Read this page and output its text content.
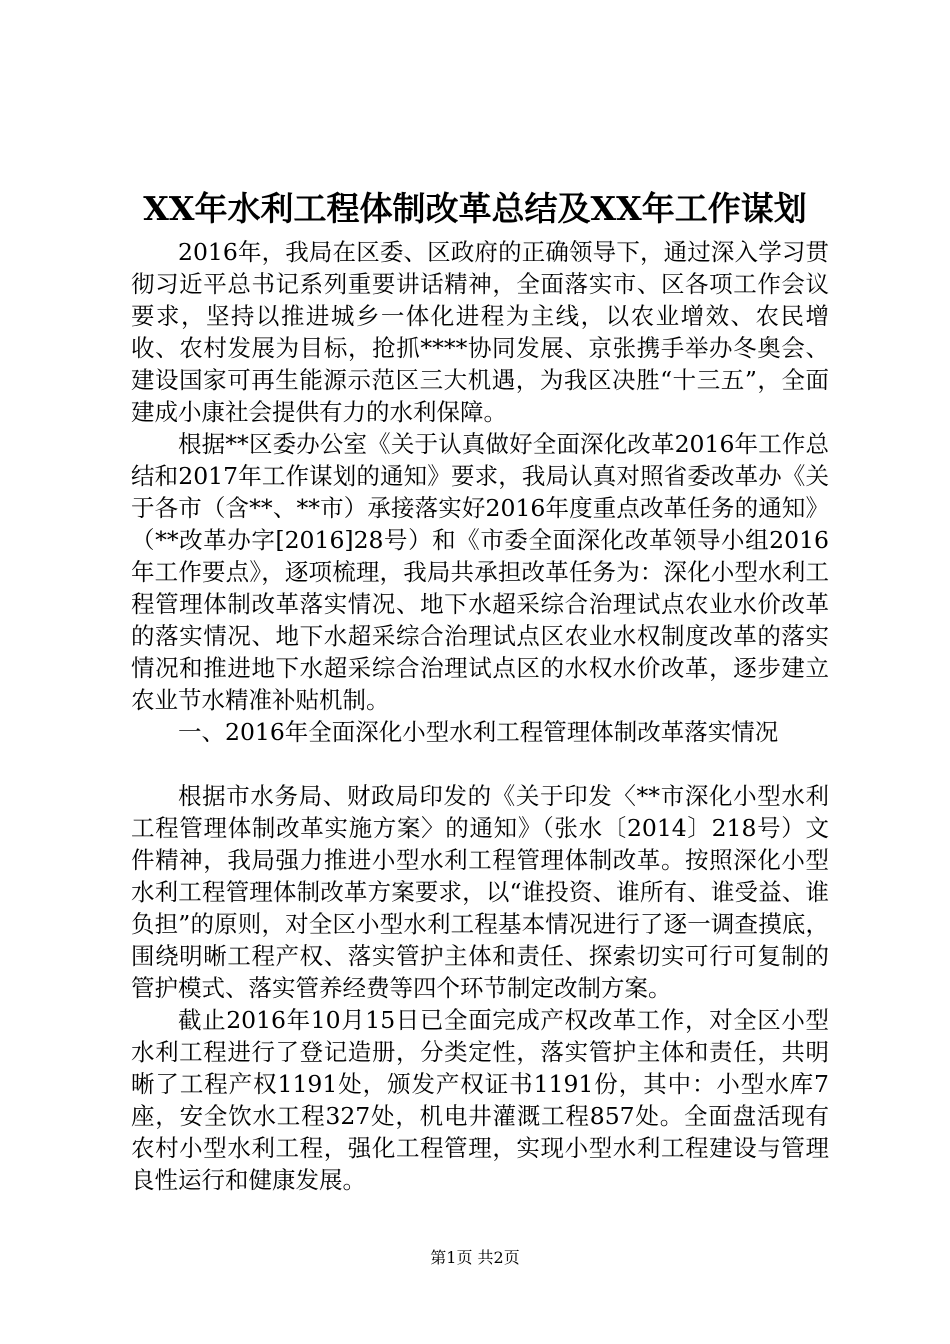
XX年水利工程体制改革总结及XX年工作谋划

2016年，我局在区委、区政府的正确领导下，通过深入学习贯彻习近平总书记系列重要讲话精神，全面落实市、区各项工作会议要求，坚持以推进城乡一体化进程为主线，以农业增效、农民增收、农村发展为目标，抢抓****协同发展、京张携手举办冬奥会、建设国家可再生能源示范区三大机遇，为我区决胜“十三五”，全面建成小康社会提供有力的水利保障。

根据**区委办公室《关于认真做好全面深化改革2016年工作总结和2017年工作谋划的通知》要求，我局认真对照省委改革办《关于各市（含**、**市）承接落实好2016年度重点改革任务的通知》（**改革办字[2016]28号）和《市委全面深化改革领导小组2016年工作要点》，逐项梳理，我局共承担改革任务为：深化小型水利工程管理体制改革落实情况、地下水超采综合治理试点农业水价改革的落实情况、地下水超采综合治理试点区农业水权制度改革的落实情况和推进地下水超采综合治理试点区的水权水价改革，逐步建立农业节水精准补贴机制。

一、2016年全面深化小型水利工程管理体制改革落实情况

根据市水务局、财政局印发的《关于印发〈**市深化小型水利工程管理体制改革实施方案〉的通知》（张水〔2014〕218号）文件精神，我局强力推进小型水利工程管理体制改革。按照深化小型水利工程管理体制改革方案要求，以“谁投资、谁所有、谁受益、谁负担”的原则，对全区小型水利工程基本情况进行了逐一调查摸底，围绕明晰工程产权、落实管护主体和责任、探索切实可行可复制的管护模式、落实管养经费等四个环节制定改制方案。

截止2016年10月15日已全面完成产权改革工作，对全区小型水利工程进行了登记造册，分类定性，落实管护主体和责任，共明晰了工程产权1191处，颁发产权证书1191份，其中：小型水库7座，安全饮水工程327处，机电井灌溉工程857处。全面盘活现有农村小型水利工程，强化工程管理，实现小型水利工程建设与管理良性运行和健康发展。

第1页 共2页
